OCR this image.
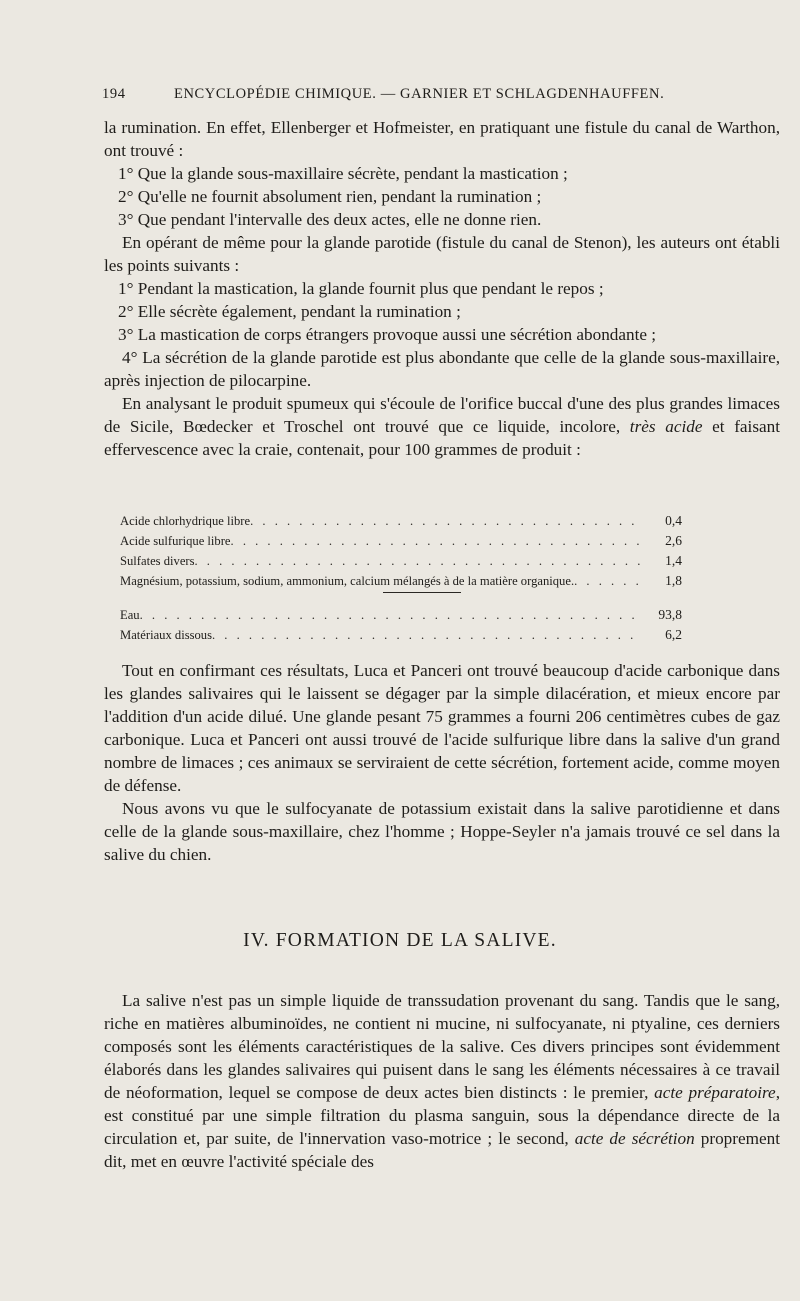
194	ENCYCLOPÉDIE CHIMIQUE. — GARNIER ET SCHLAGDENHAUFFEN.

la rumination. En effet, Ellenberger et Hofmeister, en pratiquant une fistule du canal de Warthon, ont trouvé :

1° Que la glande sous-maxillaire sécrète, pendant la mastication ;

2° Qu'elle ne fournit absolument rien, pendant la rumination ;

3° Que pendant l'intervalle des deux actes, elle ne donne rien.

En opérant de même pour la glande parotide (fistule du canal de Stenon), les auteurs ont établi les points suivants :

1° Pendant la mastication, la glande fournit plus que pendant le repos ;

2° Elle sécrète également, pendant la rumination ;

3° La mastication de corps étrangers provoque aussi une sécrétion abondante ;

4° La sécrétion de la glande parotide est plus abondante que celle de la glande sous-maxillaire, après injection de pilocarpine.

En analysant le produit spumeux qui s'écoule de l'orifice buccal d'une des plus grandes limaces de Sicile, Bœdecker et Troschel ont trouvé que ce liquide, incolore, très acide et faisant effervescence avec la craie, contenait, pour 100 grammes de produit :

Acide chlorhydrique libre . . .	0,4
Acide sulfurique libre . . .	2,6
Sulfates divers . . .	1,4
Magnésium, potassium, sodium, ammonium, calcium mélangés à de la matière organique. . . .	1,8
Eau . . .	93,8
Matériaux dissous . . .	6,2

Tout en confirmant ces résultats, Luca et Panceri ont trouvé beaucoup d'acide carbonique dans les glandes salivaires qui le laissent se dégager par la simple dilacération, et mieux encore par l'addition d'un acide dilué. Une glande pesant 75 grammes a fourni 206 centimètres cubes de gaz carbonique. Luca et Panceri ont aussi trouvé de l'acide sulfurique libre dans la salive d'un grand nombre de limaces ; ces animaux se serviraient de cette sécrétion, fortement acide, comme moyen de défense.

Nous avons vu que le sulfocyanate de potassium existait dans la salive parotidienne et dans celle de la glande sous-maxillaire, chez l'homme ; Hoppe-Seyler n'a jamais trouvé ce sel dans la salive du chien.

IV. FORMATION DE LA SALIVE.

La salive n'est pas un simple liquide de transsudation provenant du sang. Tandis que le sang, riche en matières albuminoïdes, ne contient ni mucine, ni sulfocyanate, ni ptyaline, ces derniers composés sont les éléments caractéristiques de la salive. Ces divers principes sont évidemment élaborés dans les glandes salivaires qui puisent dans le sang les éléments nécessaires à ce travail de néoformation, lequel se compose de deux actes bien distincts : le premier, acte préparatoire, est constitué par une simple filtration du plasma sanguin, sous la dépendance directe de la circulation et, par suite, de l'innervation vaso-motrice ; le second, acte de sécrétion proprement dit, met en œuvre l'activité spéciale des
